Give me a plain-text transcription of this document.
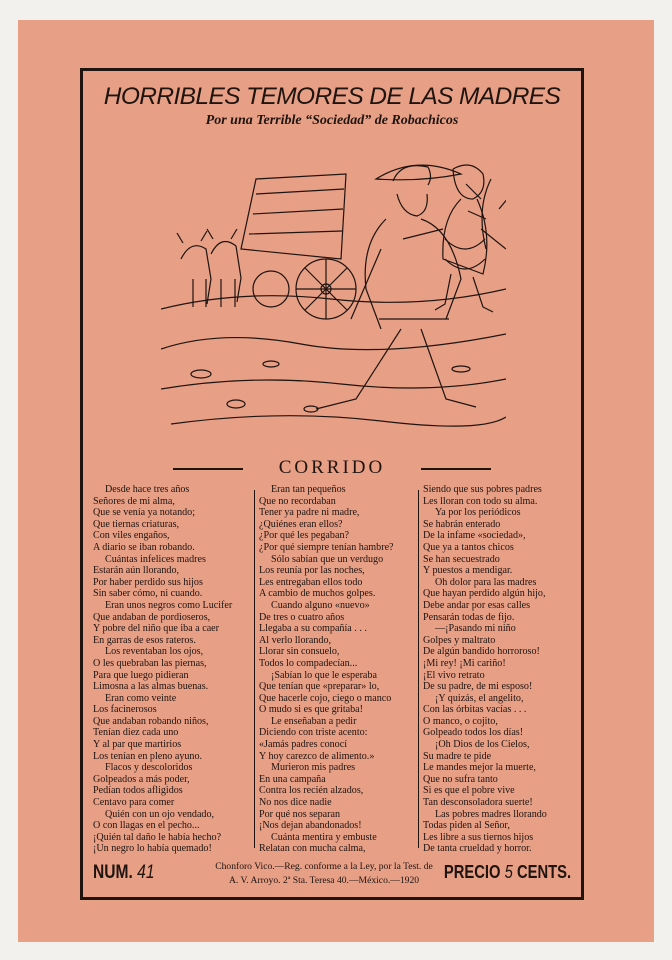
HORRIBLES TEMORES DE LAS MADRES
Por una Terrible “Sociedad” de Robachicos
CORRIDO
Desde hace tres años
Señores de mi alma,
Que se venía ya notando;
Que tiernas criaturas,
Con viles engaños,
A diario se iban robando.
Cuántas infelices madres
Estarán aún llorando,
Por haber perdido sus hijos
Sin saber cómo, ni cuando.
Eran unos negros como Lucifer
Que andaban de pordioseros,
Y pobre del niño que iba a caer
En garras de esos rateros.
Los reventaban los ojos,
O les quebraban las piernas,
Para que luego pidieran
Limosna a las almas buenas.
Eran como veinte
Los facinerosos
Que andaban robando niños,
Tenían diez cada uno
Y al par que martirios
Los tenían en pleno ayuno.
Flacos y descoloridos
Golpeados a más poder,
Pedían todos afligidos
Centavo para comer
Quién con un ojo vendado,
O con llagas en el pecho...
¡Quién tal daño le había hecho?
¡Un negro lo había quemado!
Eran tan pequeños
Que no recordaban
Tener ya padre ni madre,
¿Quiénes eran ellos?
¿Por qué les pegaban?
¿Por qué siempre tenían hambre?
Sólo sabían que un verdugo
Los reunía por las noches,
Les entregaban ellos todo
A cambio de muchos golpes.
Cuando alguno «nuevo»
De tres o cuatro años
Llegaba a su compañía . . .
Al verlo llorando,
Llorar sin consuelo,
Todos lo compadecían...
¡Sabían lo que le esperaba
Que tenían que «preparar» lo,
Que hacerle cojo, ciego o manco
O mudo si es que gritaba!
Le enseñaban a pedir
Diciendo con triste acento:
«Jamás padres conocí
Y hoy carezco de alimento.»
Murieron mis padres
En una campaña
Contra los recién alzados,
No nos dice nadie
Por qué nos separan
¡Nos dejan abandonados!
Cuánta mentira y embuste
Relatan con mucha calma,
Siendo que sus pobres padres
Les lloran con todo su alma.
Ya por los periódicos
Se habrán enterado
De la infame «sociedad»,
Que ya a tantos chicos
Se han secuestrado
Y puestos a mendigar.
Oh dolor para las madres
Que hayan perdido algún hijo,
Debe andar por esas calles
Pensarán todas de fijo.
—¡Pasando mi niño
Golpes y maltrato
De algún bandido horroroso!
¡Mi rey! ¡Mi cariño!
¡El vivo retrato
De su padre, de mi esposo!
¡Y quizás, el angelito,
Con las órbitas vacías . . .
O manco, o cojito,
Golpeado todos los días!
¡Oh Dios de los Cielos,
Su madre te pide
Le mandes mejor la muerte,
Que no sufra tanto
Si es que el pobre vive
Tan desconsoladora suerte!
Las pobres madres llorando
Todas piden al Señor,
Les libre a sus tiernos hijos
De tanta crueldad y horror.
NUM. 41	Chonforo Vico.—Reg. conforme a la Ley, por la Test. de
A. V. Arroyo. 2ª Sta. Teresa 40.—México.—1920	PRECIO 5 CENTS.
